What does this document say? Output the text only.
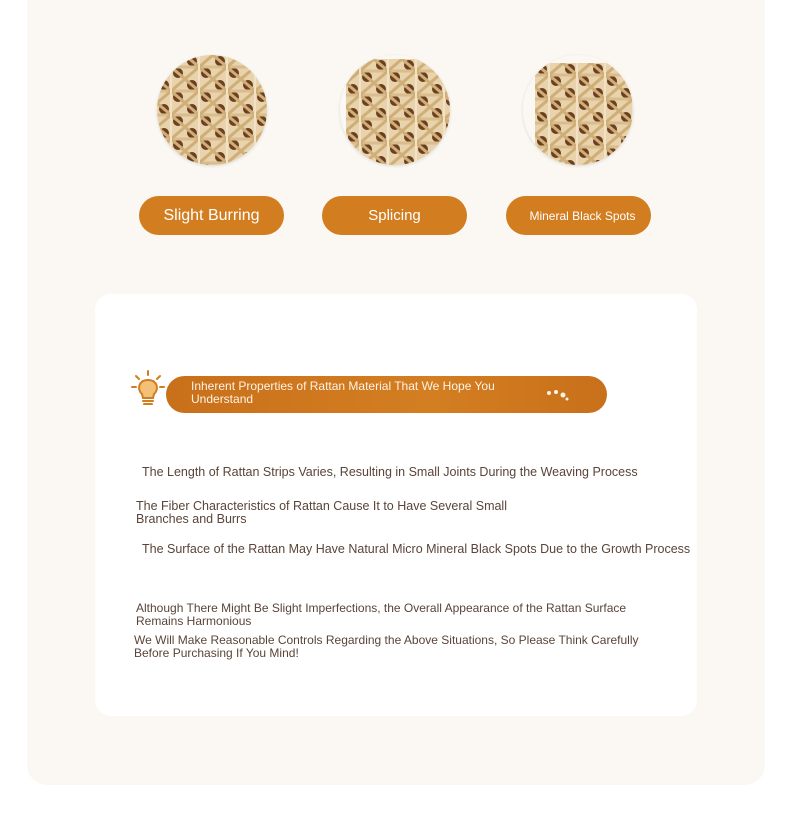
Slight Burring	Splicing	Mineral Black Spots
Inherent Properties of Rattan Material That We Hope You Understand
The Length of Rattan Strips Varies, Resulting in Small Joints During the Weaving Process
The Fiber Characteristics of Rattan Cause It to Have Several Small Branches and Burrs
The Surface of the Rattan May Have Natural Micro Mineral Black Spots Due to the Growth Process
Although There Might Be Slight Imperfections, the Overall Appearance of the Rattan Surface Remains Harmonious
We Will Make Reasonable Controls Regarding the Above Situations, So Please Think Carefully Before Purchasing If You Mind!
